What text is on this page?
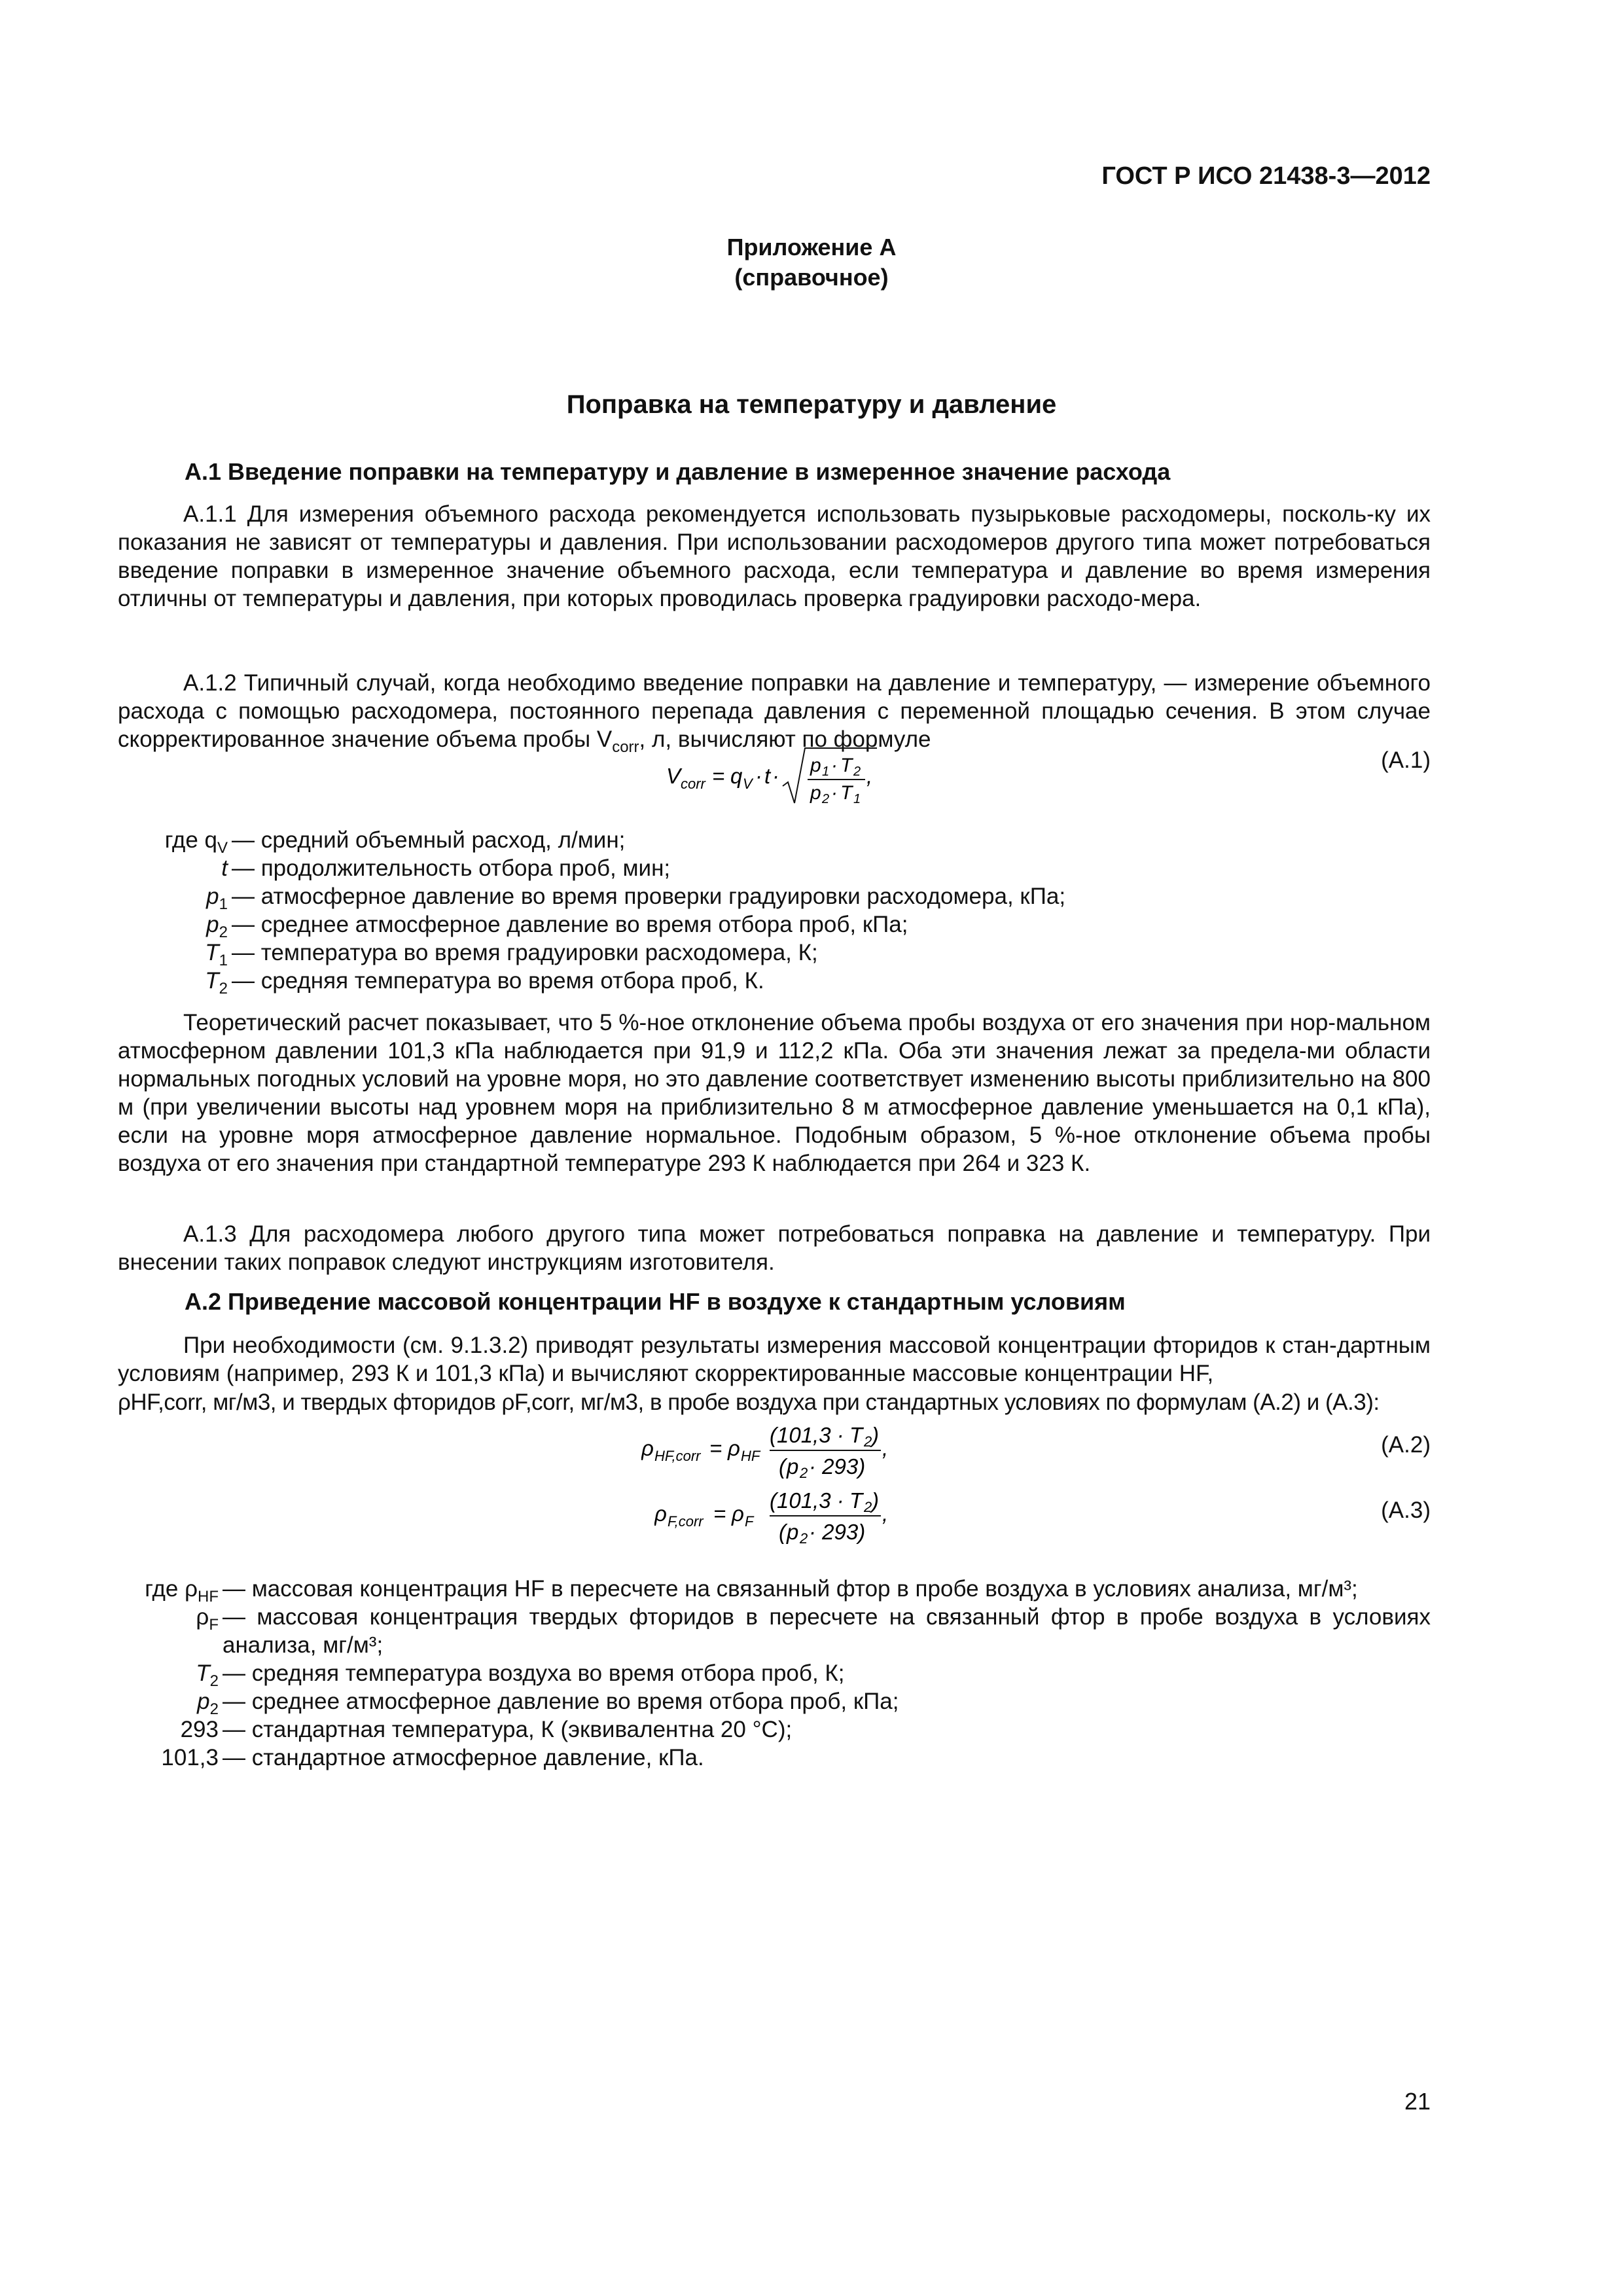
ГОСТ Р ИСО 21438-3—2012
Приложение А
(справочное)
Поправка на температуру и давление
А.1 Введение поправки на температуру и давление в измеренное значение расхода
А.1.1 Для измерения объемного расхода рекомендуется использовать пузырьковые расходомеры, посколь-ку их показания не зависят от температуры и давления. При использовании расходомеров другого типа может потребоваться введение поправки в измеренное значение объемного расхода, если температура и давление во время измерения отличны от температуры и давления, при которых проводилась проверка градуировки расходо-мера.
А.1.2 Типичный случай, когда необходимо введение поправки на давление и температуру, — измерение объемного расхода с помощью расходомера, постоянного перепада давления с переменной площадью сечения. В этом случае скорректированное значение объема пробы $V_{corr}$, л, вычисляют по формуле
V corr = q V · t · p 1 · T 2
p 2 · T 1
,
(А.1)
где $q_V$ — средний объемный расход, л/мин;
t — продолжительность отбора проб, мин;
$p_1$ — атмосферное давление во время проверки градуировки расходомера, кПа;
$p_2$ — среднее атмосферное давление во время отбора проб, кПа;
$T_1$ — температура во время градуировки расходомера, К;
$T_2$ — средняя температура во время отбора проб, К.
Теоретический расчет показывает, что 5 %-ное отклонение объема пробы воздуха от его значения при нор-мальном атмосферном давлении 101,3 кПа наблюдается при 91,9 и 112,2 кПа. Оба эти значения лежат за предела-ми области нормальных погодных условий на уровне моря, но это давление соответствует изменению высоты приблизительно на 800 м (при увеличении высоты над уровнем моря на приблизительно 8 м атмосферное давление уменьшается на 0,1 кПа), если на уровне моря атмосферное давление нормальное. Подобным образом, 5 %-ное отклонение объема пробы воздуха от его значения при стандартной температуре 293 К наблюдается при 264 и 323 К.
А.1.3 Для расходомера любого другого типа может потребоваться поправка на давление и температуру. При внесении таких поправок следуют инструкциям изготовителя.
А.2 Приведение массовой концентрации HF в воздухе к стандартным условиям
При необходимости (см. 9.1.3.2) приводят результаты измерения массовой концентрации фторидов к стан-дартным условиям (например, 293 К и 101,3 кПа) и вычисляют скорректированные массовые концентрации HF,
ρHF,corr, мг/м3, и твердых фторидов ρF,corr, мг/м3, в пробе воздуха при стандартных условиях по формулам (А.2) и (А.3):
ρ HF,corr = ρ HF
(101,3 · T 2 )
( p 2 · 293)
,	(А.2)
ρ F,corr = ρ F
(101,3 · T 2 )
( p 2 · 293)
,	(А.3)
где $\rho_{HF}$ — массовая концентрация HF в пересчете на связанный фтор в пробе воздуха в условиях анализа, мг/м³;
$\rho_F$ — массовая концентрация твердых фторидов в пересчете на связанный фтор в пробе воздуха в условиях анализа, мг/м³;
$T_2$ — средняя температура воздуха во время отбора проб, К;
$p_2$ — среднее атмосферное давление во время отбора проб, кПа;
293 — стандартная температура, К (эквивалентна 20 °С);
101,3 — стандартное атмосферное давление, кПа.
21
